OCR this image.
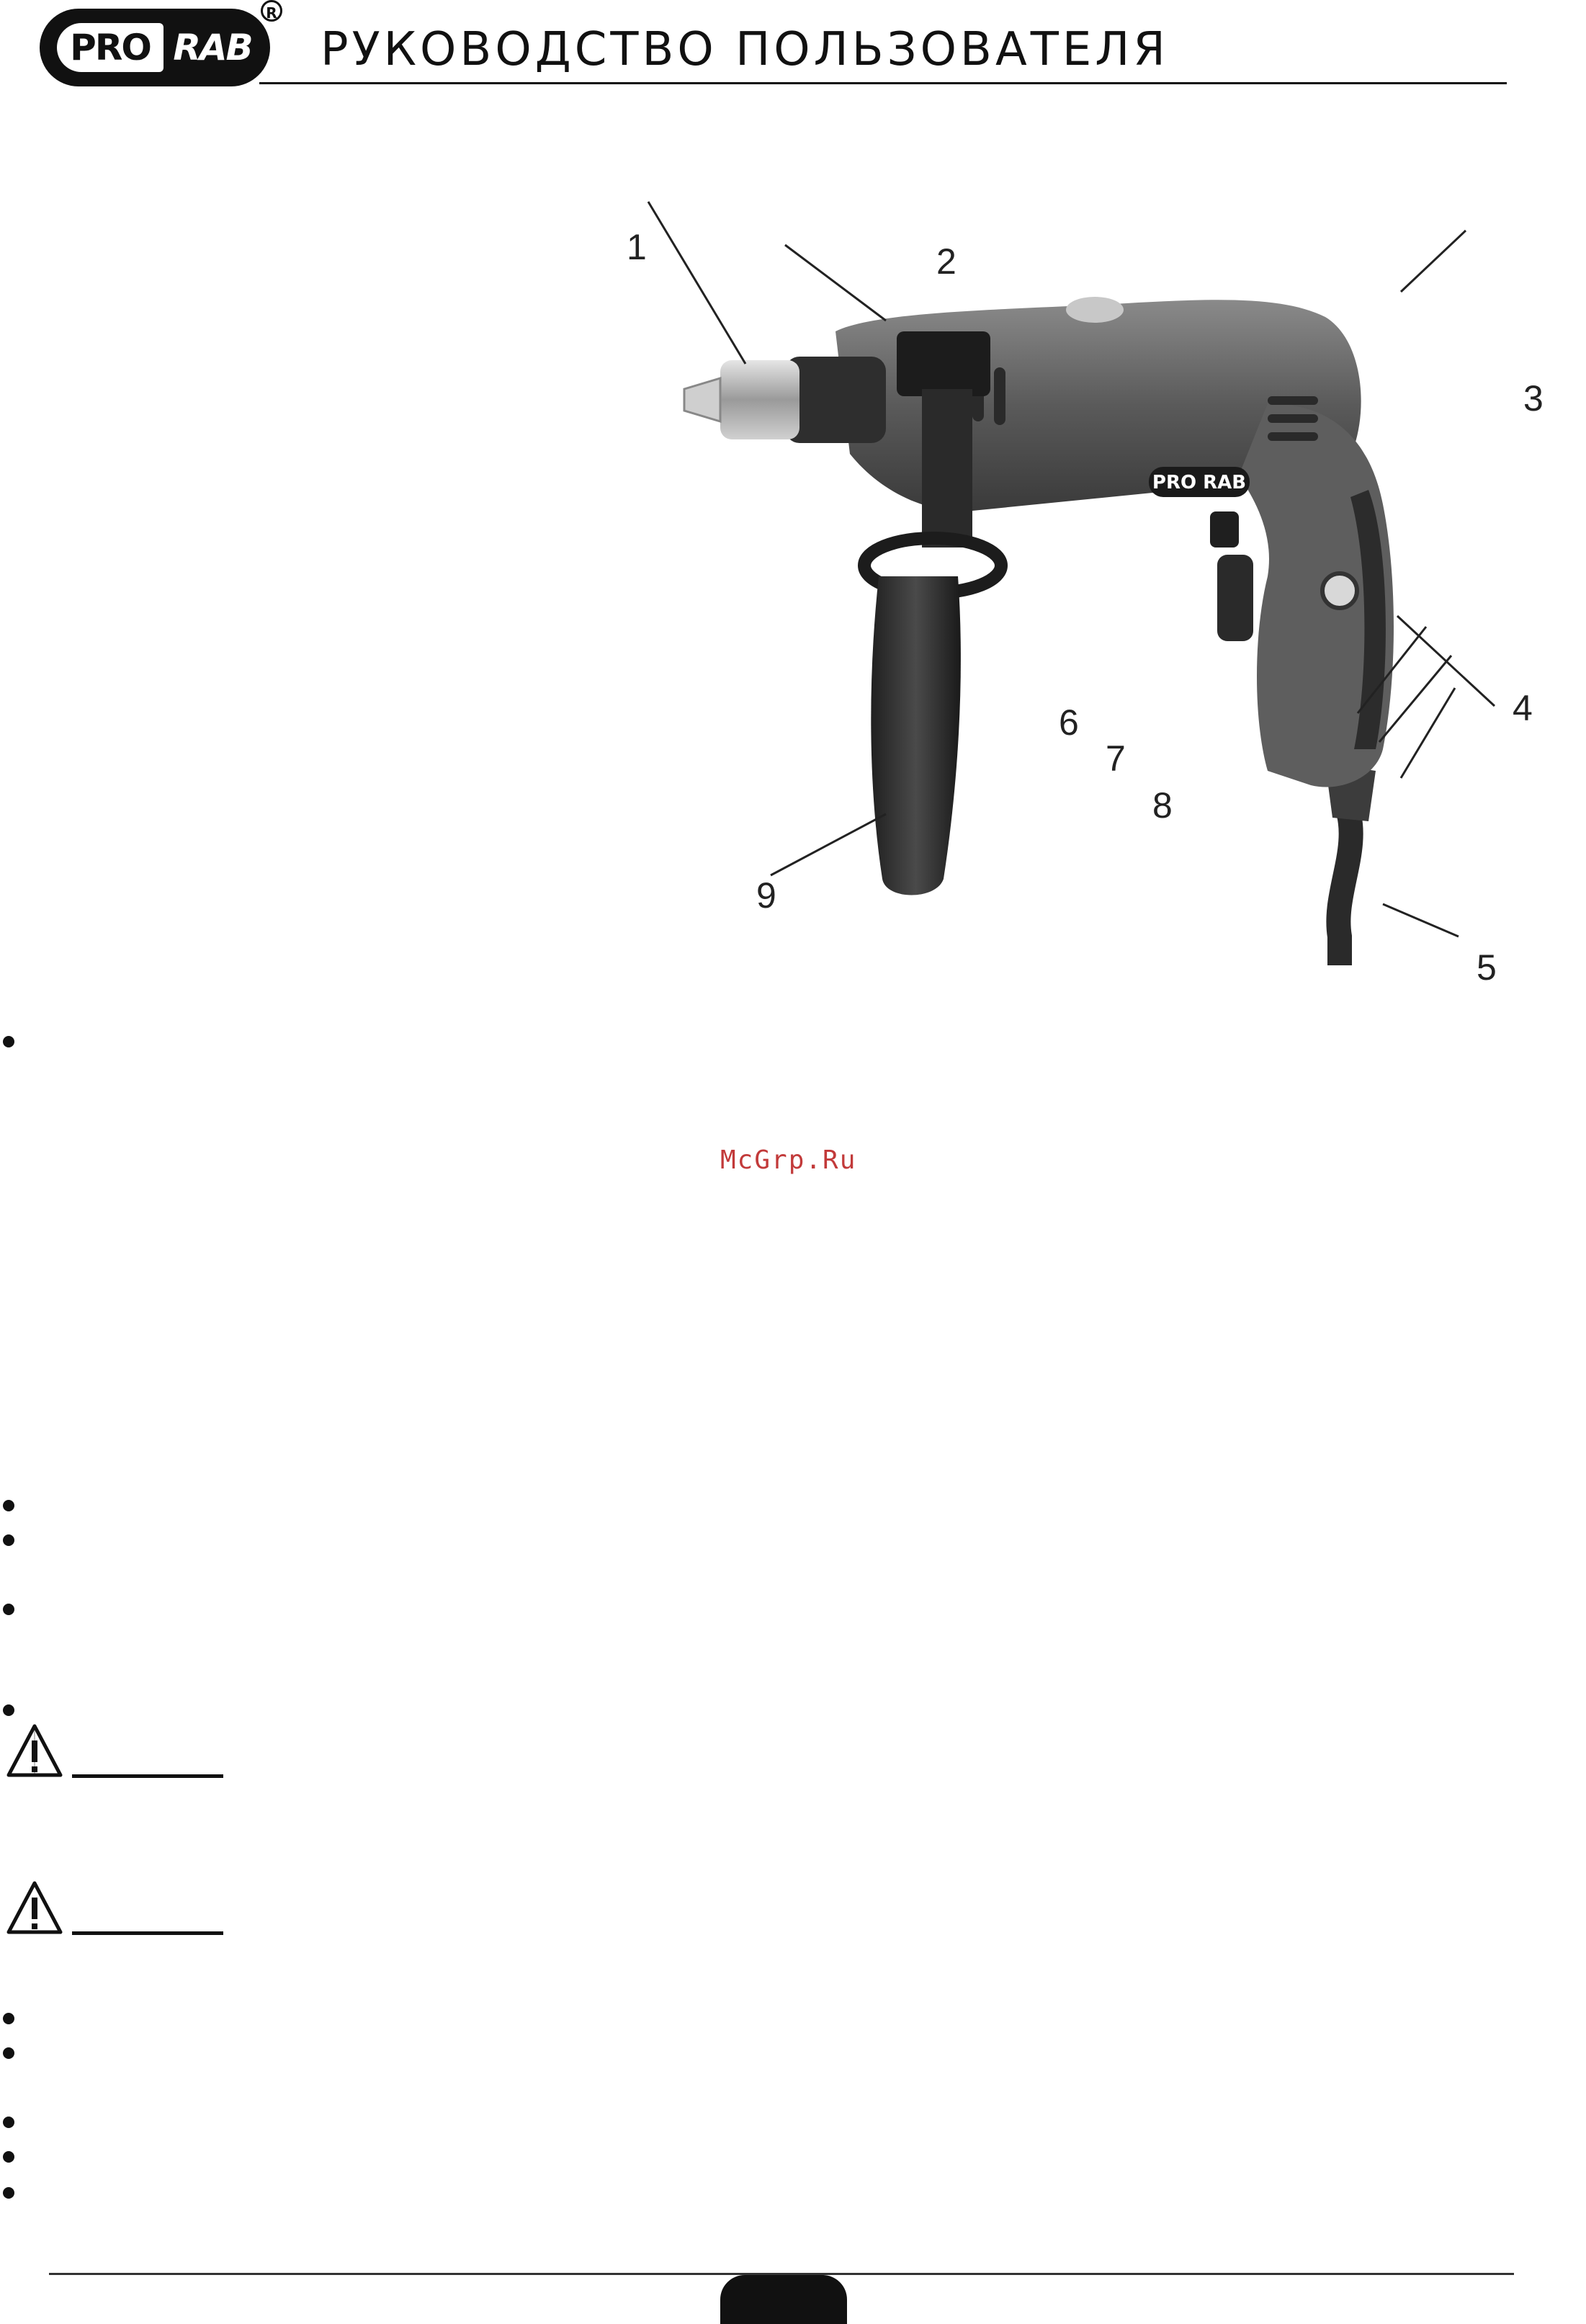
PRO RAB
R
РУКОВОДСТВО ПОЛЬЗОВАТЕЛЯ
PRO RAB
1	2
3
4
5
6
7
8
9
McGrp.Ru
